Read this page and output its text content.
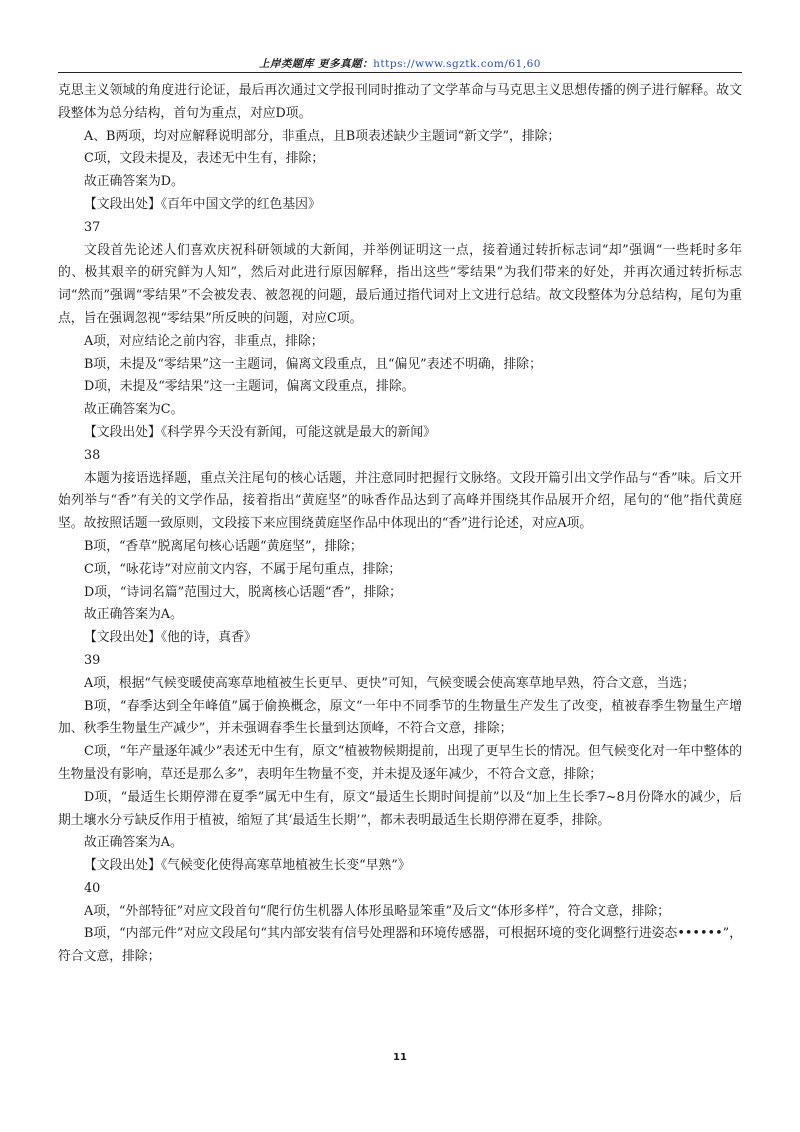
上岸类题库 更多真题：https://www.sgztk.com/61,60

克思主义领域的角度进行论证，最后再次通过文学报刊同时推动了文学革命与马克思主义思想传播的例子进行解释。故文段整体为总分结构，首句为重点，对应D项。

A、B两项，均对应解释说明部分，非重点，且B项表述缺少主题词“新文学”，排除；

C项，文段未提及，表述无中生有，排除；

故正确答案为D。

【文段出处】《百年中国文学的红色基因》

37

文段首先论述人们喜欢庆祝科研领域的大新闻，并举例证明这一点，接着通过转折标志词“却”强调“一些耗时多年的、极其艰辛的研究鲜为人知”，然后对此进行原因解释，指出这些“零结果”为我们带来的好处，并再次通过转折标志词“然而”强调“零结果”不会被发表、被忽视的问题，最后通过指代词对上文进行总结。故文段整体为分总结构，尾句为重点，旨在强调忽视“零结果”所反映的问题，对应C项。

A项，对应结论之前内容，非重点，排除；

B项，未提及“零结果”这一主题词，偏离文段重点，且“偏见”表述不明确，排除；

D项，未提及“零结果”这一主题词，偏离文段重点，排除。

故正确答案为C。

【文段出处】《科学界今天没有新闻，可能这就是最大的新闻》

38

本题为接语选择题，重点关注尾句的核心话题，并注意同时把握行文脉络。文段开篇引出文学作品与“香”味。后文开始列举与“香”有关的文学作品，接着指出“黄庭坚”的咏香作品达到了高峰并围绕其作品展开介绍，尾句的“他”指代黄庭坚。故按照话题一致原则，文段接下来应围绕黄庭坚作品中体现出的“香”进行论述，对应A项。

B项，“香草”脱离尾句核心话题“黄庭坚”，排除；

C项，“咏花诗”对应前文内容，不属于尾句重点，排除；

D项，“诗词名篇”范围过大，脱离核心话题“香”，排除；

故正确答案为A。

【文段出处】《他的诗，真香》

39

A项，根据“气候变暖使高寒草地植被生长更早、更快”可知，气候变暖会使高寒草地早熟，符合文意，当选；

B项，“春季达到全年峰值”属于偷换概念，原文“一年中不同季节的生物量生产发生了改变，植被春季生物量生产增加、秋季生物量生产减少”，并未强调春季生长量到达顶峰，不符合文意，排除；

C项，“年产量逐年减少”表述无中生有，原文“植被物候期提前，出现了更早生长的情况。但气候变化对一年中整体的生物量没有影响，草还是那么多”，表明年生物量不变，并未提及逐年减少，不符合文意，排除；

D项，“最适生长期停滞在夏季”属无中生有，原文“最适生长期时间提前”以及“加上生长季7~8月份降水的减少，后期土壤水分亏缺反作用于植被，缩短了其‘最适生长期’”，都未表明最适生长期停滞在夏季，排除。

故正确答案为A。

【文段出处】《气候变化使得高寒草地植被生长变“早熟”》

40

A项，“外部特征”对应文段首句“爬行仿生机器人体形虽略显笨重”及后文“体形多样”，符合文意，排除；

B项，“内部元件”对应文段尾句“其内部安装有信号处理器和环境传感器，可根据环境的变化调整行进姿态••••••”，符合文意，排除；

11
